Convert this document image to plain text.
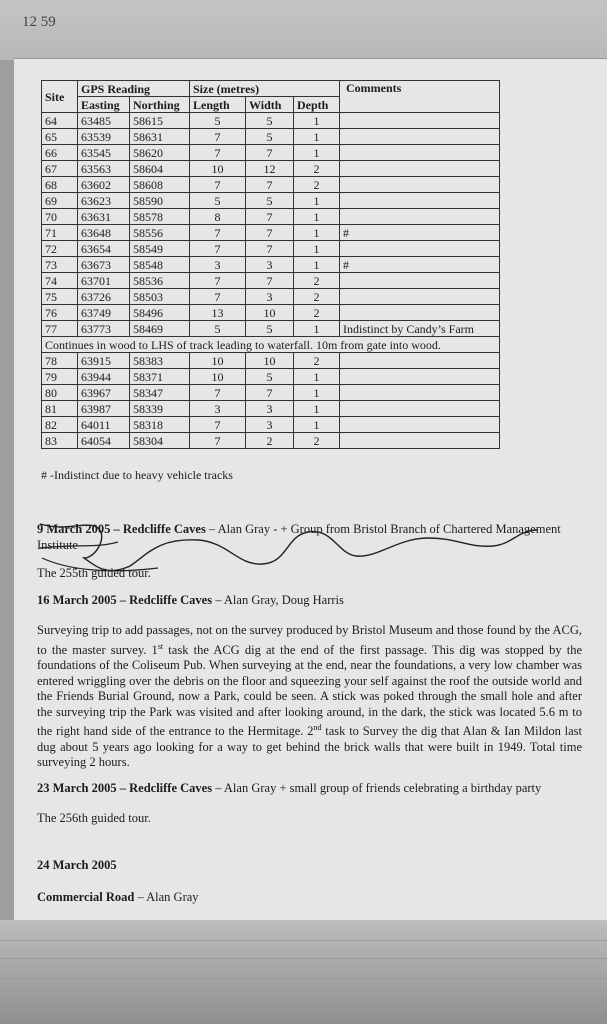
12 59
Site	GPS Reading		Size (metres)			Comments
	Easting	Northing	Length	Width	Depth	
64	63485	58615	5	5	1	
65	63539	58631	7	5	1	
66	63545	58620	7	7	1	
67	63563	58604	10	12	2	
68	63602	58608	7	7	2	
69	63623	58590	5	5	1	
70	63631	58578	8	7	1	
71	63648	58556	7	7	1	#
72	63654	58549	7	7	1	
73	63673	58548	3	3	1	#
74	63701	58536	7	7	2	
75	63726	58503	7	3	2	
76	63749	58496	13	10	2	
77	63773	58469	5	5	1	Indistinct by Candy’s Farm
Continues in wood to LHS of track leading to waterfall. 10m from gate into wood.						
78	63915	58383	10	10	2	
79	63944	58371	10	5	1	
80	63967	58347	7	7	1	
81	63987	58339	3	3	1	
82	64011	58318	7	3	1	
83	64054	58304	7	2	2	
# -Indistinct due to heavy vehicle tracks
9 March 2005 – Redcliffe Caves – Alan Gray - + Group from Bristol Branch of Chartered Management Institute
The 255th guided tour.
16 March 2005 – Redcliffe Caves – Alan Gray, Doug Harris
Surveying trip to add passages, not on the survey produced by Bristol Museum and those found by the ACG, to the master survey. 1st task the ACG dig at the end of the first passage. This dig was stopped by the foundations of the Coliseum Pub. When surveying at the end, near the foundations, a very low chamber was entered wriggling over the debris on the floor and squeezing your self against the roof the outside world and the Friends Burial Ground, now a Park, could be seen. A stick was poked through the small hole and after the surveying trip the Park was visited and after looking around, in the dark, the stick was located 5.6 m to the right hand side of the entrance to the Hermitage. 2nd task to Survey the dig that Alan & Ian Mildon last dug about 5 years ago looking for a way to get behind the brick walls that were built in 1949. Total time surveying 2 hours.
23 March 2005 – Redcliffe Caves – Alan Gray + small group of friends celebrating a birthday party
The 256th guided tour.
24 March 2005
Commercial Road – Alan Gray
